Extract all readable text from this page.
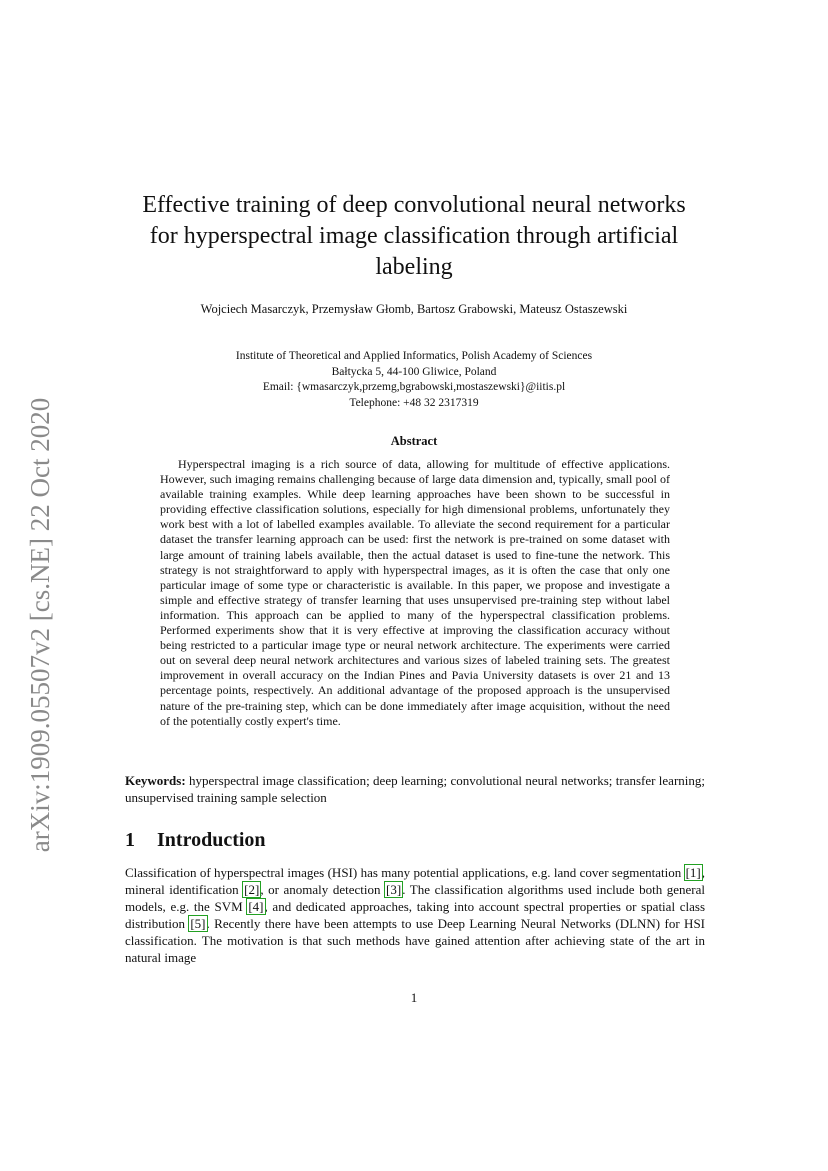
arXiv:1909.05507v2 [cs.NE] 22 Oct 2020
Effective training of deep convolutional neural networks
for hyperspectral image classification through artificial
labeling
Wojciech Masarczyk, Przemysław Głomb, Bartosz Grabowski, Mateusz Ostaszewski
Institute of Theoretical and Applied Informatics, Polish Academy of Sciences
Bałtycka 5, 44-100 Gliwice, Poland
Email: {wmasarczyk,przemg,bgrabowski,mostaszewski}@iitis.pl
Telephone: +48 32 2317319
Abstract

Hyperspectral imaging is a rich source of data, allowing for multitude of effective applications. However, such imaging remains challenging because of large data dimension and, typically, small pool of available training examples. While deep learning approaches have been shown to be successful in providing effective classification solutions, especially for high dimensional problems, unfortunately they work best with a lot of labelled examples available. To alleviate the second requirement for a particular dataset the transfer learning approach can be used: first the network is pre-trained on some dataset with large amount of training labels available, then the actual dataset is used to fine-tune the network. This strategy is not straightforward to apply with hyperspectral images, as it is often the case that only one particular image of some type or characteristic is available. In this paper, we propose and investigate a simple and effective strategy of transfer learning that uses unsupervised pre-training step without label information. This approach can be applied to many of the hyperspectral classification problems. Performed experiments show that it is very effective at improving the classification accuracy without being restricted to a particular image type or neural network architecture. The experiments were carried out on several deep neural network architectures and various sizes of labeled training sets. The greatest improvement in overall accuracy on the Indian Pines and Pavia University datasets is over 21 and 13 percentage points, respectively. An additional advantage of the proposed approach is the unsupervised nature of the pre-training step, which can be done immediately after image acquisition, without the need of the potentially costly expert's time.

Keywords: hyperspectral image classification; deep learning; convolutional neural networks; transfer learning; unsupervised training sample selection

1 Introduction

Classification of hyperspectral images (HSI) has many potential applications, e.g. land cover segmentation [1], mineral identification [2], or anomaly detection [3]. The classification algorithms used include both general models, e.g. the SVM [4], and dedicated approaches, taking into account spectral properties or spatial class distribution [5]. Recently there have been attempts to use Deep Learning Neural Networks (DLNN) for HSI classification. The motivation is that such methods have gained attention after achieving state of the art in natural image

1
